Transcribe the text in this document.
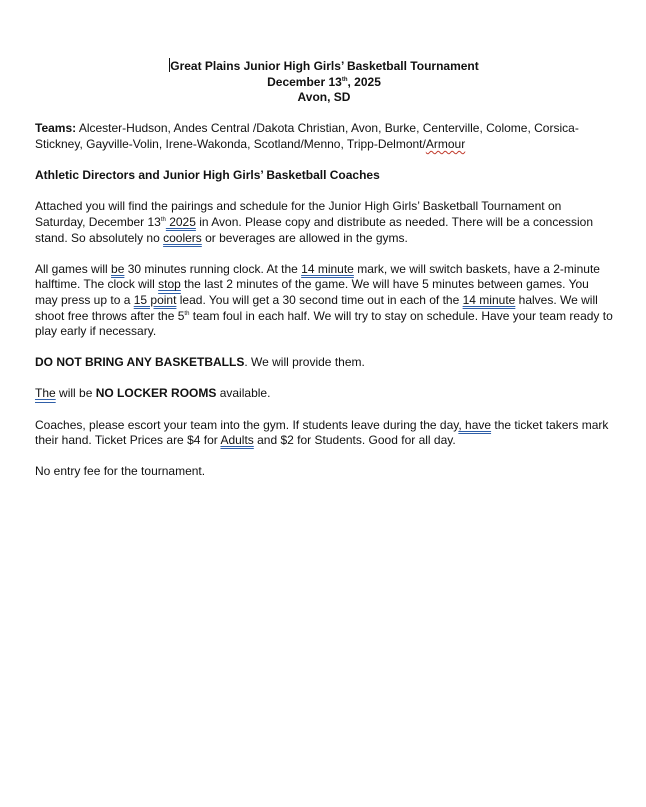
Great Plains Junior High Girls’ Basketball Tournament
December 13th, 2025
Avon, SD

Teams: Alcester-Hudson, Andes Central /Dakota Christian, Avon, Burke, Centerville, Colome, Corsica-Stickney, Gayville-Volin, Irene-Wakonda, Scotland/Menno, Tripp-Delmont/Armour

Athletic Directors and Junior High Girls’ Basketball Coaches

Attached you will find the pairings and schedule for the Junior High Girls’ Basketball Tournament on Saturday, December 13th 2025 in Avon. Please copy and distribute as needed. There will be a concession stand. So absolutely no coolers or beverages are allowed in the gyms.

All games will be 30 minutes running clock. At the 14 minute mark, we will switch baskets, have a 2-minute halftime. The clock will stop the last 2 minutes of the game. We will have 5 minutes between games. You may press up to a 15 point lead. You will get a 30 second time out in each of the 14 minute halves. We will shoot free throws after the 5th team foul in each half. We will try to stay on schedule. Have your team ready to play early if necessary.

DO NOT BRING ANY BASKETBALLS. We will provide them.

The will be NO LOCKER ROOMS available.

Coaches, please escort your team into the gym. If students leave during the day, have the ticket takers mark their hand. Ticket Prices are $4 for Adults and $2 for Students. Good for all day.

No entry fee for the tournament.
